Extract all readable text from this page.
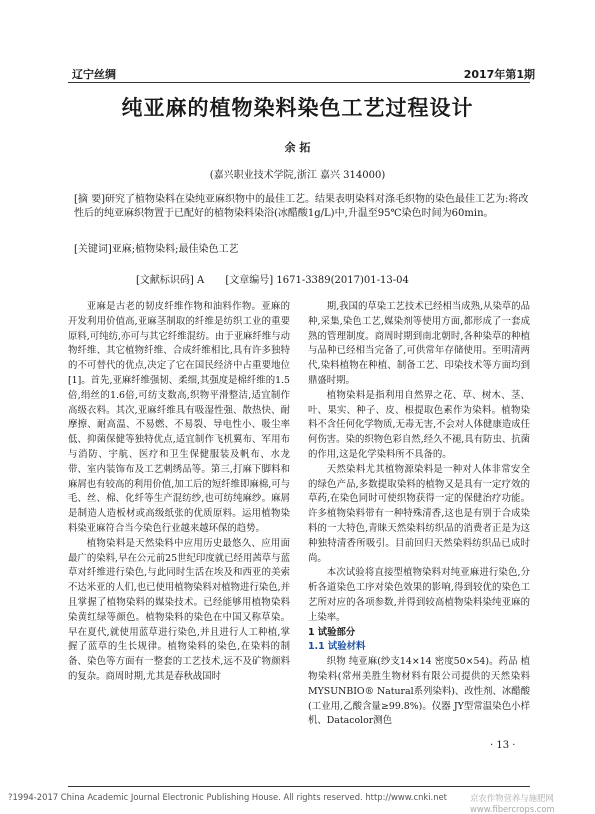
辽宁丝绸	2017年第1期
纯亚麻的植物染料染色工艺过程设计
余 拓
(嘉兴职业技术学院,浙江 嘉兴 314000)
[摘 要]研究了植物染料在染纯亚麻织物中的最佳工艺。结果表明染料对涤毛织物的染色最佳工艺为:将改性后的纯亚麻织物置于已配好的植物染料染浴(冰醋酸1g/L)中,升温至95℃染色时间为60min。
[关键词]亚麻;植物染料;最佳染色工艺
[文献标识码] A [文章编号] 1671-3389(2017)01-13-04

亚麻是古老的韧皮纤维作物和油料作物。亚麻的开发利用价值高,亚麻茎制取的纤维是纺织工业的重要原料,可纯纺,亦可与其它纤维混纺。由于亚麻纤维与动物纤维、其它植物纤维、合成纤维相比,具有许多独特的不可替代的优点,决定了它在国民经济中占重要地位[1]。首先,亚麻纤维强韧、柔细,其强度是棉纤维的1.5倍,绢丝的1.6倍,可纺支数高,织物平滑整洁,适宜制作高级衣料。其次,亚麻纤维具有吸湿性强、散热快、耐摩擦、耐高温、不易燃、不易裂、导电性小、吸尘率低、抑菌保健等独特优点,适宜制作飞机翼布、军用布与消防、宇航、医疗和卫生保健服装及帆布、水龙带、室内装饰布及工艺刺绣品等。第三,打麻下脚料和麻屑也有较高的利用价值,加工后的短纤维即麻棉,可与毛、丝、棉、化纤等生产混纺纱,也可纺纯麻纱。麻屑是制造人造板材或高级纸张的优质原料。运用植物染料染亚麻符合当今染色行业越来越环保的趋势。

植物染料是天然染料中应用历史最悠久、应用面最广的染料,早在公元前25世纪印度就已经用茜草与蓝草对纤维进行染色,与此同时生活在埃及和西亚的美索不达米亚的人们,也已使用植物染料对植物进行染色,并且掌握了植物染料的媒染技术。已经能够用植物染料染黄红绿等颜色。植物染料的染色在中国又称草染。早在夏代,就使用蓝草进行染色,并且进行人工种植,掌握了蓝草的生长规律。植物染料的染色,在染料的制备、染色等方面有一整套的工艺技术,远不及矿物颜料的复杂。商周时期,尤其是春秋战国时

期,我国的草染工艺技术已经相当成熟,从染草的品种,采集,染色工艺,媒染剂等使用方面,都形成了一套成熟的管理制度。商周时期到南北朝时,各种染草的种植与品种已经相当完备了,可供常年存储使用。至明清两代,染料植物在种植、制备工艺、印染技术等方面均到鼎盛时期。

植物染料是指利用自然界之花、草、树木、茎、叶、果实、种子、皮、根提取色素作为染料。植物染料不含任何化学物质,无毒无害,不会对人体健康造成任何伤害。染的织物色彩自然,经久不褪,具有防虫、抗菌的作用,这是化学染料所不具备的。

天然染料尤其植物源染料是一种对人体非常安全的绿色产品,多数提取染料的植物又是具有一定疗效的草药,在染色同时可使织物获得一定的保健治疗功能。许多植物染料带有一种特殊清香,这也是有别于合成染料的一大特色,青睐天然染料纺织品的消费者正是为这种独特清香所吸引。目前回归天然染料纺织品已成时尚。

本次试验将直接型植物染料对纯亚麻进行染色,分析各道染色工序对染色效果的影响,得到较优的染色工艺所对应的各项参数,并得到较高植物染料染纯亚麻的上染率。

1 试验部分

1.1 试验材料

织物 纯亚麻(纱支14×14 密度50×54)。药品 植物染料(常州美胜生物材料有限公司提供的天然染料MYSUNBIO® Natural系列染料)、改性剂、冰醋酸(工业用,乙酸含量≥99.8%)。仪器 JY型常温染色小样机、Datacolor测色

· 13 ·
?1994-2017 China Academic Journal Electronic Publishing House. All rights reserved. http://www.cnki.net	京农作物营养与施肥网 www.fibercrops.com
